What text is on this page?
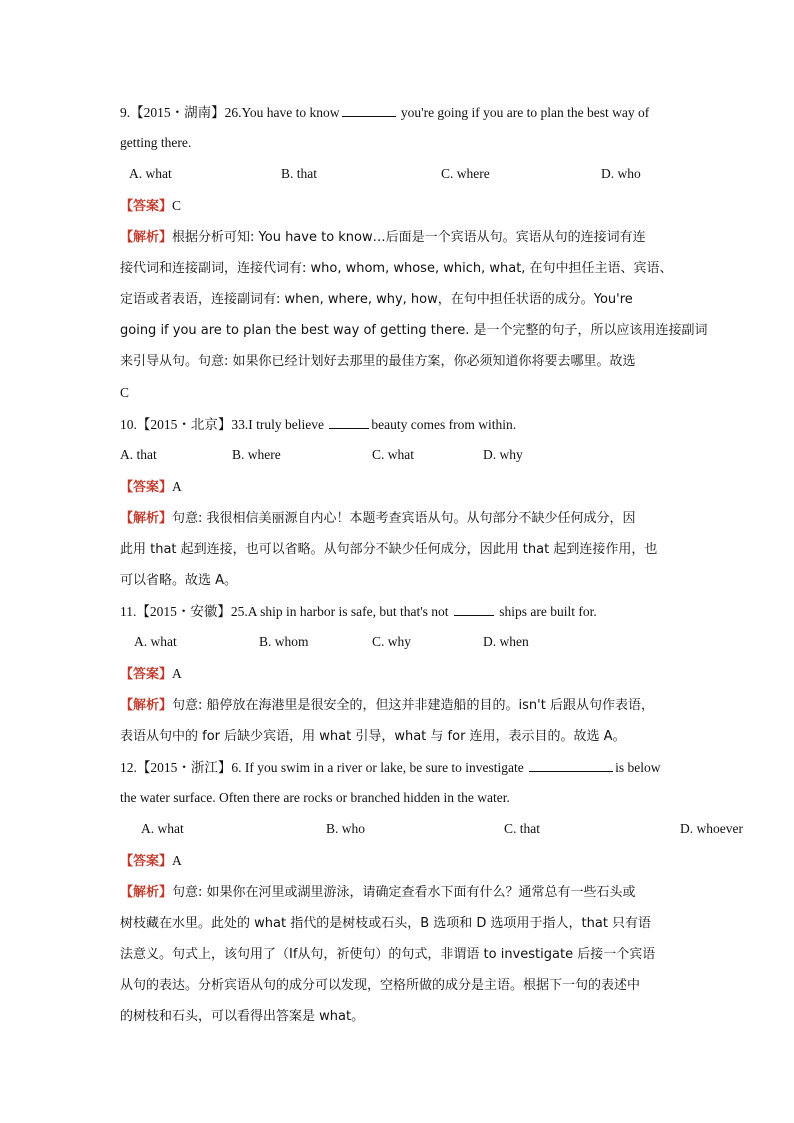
9.【2015・湖南】26.You have to know	you're going if you are to plan the best way of
getting there.
A. what	B. that	C. where	D. who
【答案】C
【解析】根据分析可知: You have to know…后面是一个宾语从句。宾语从句的连接词有连
接代词和连接副词，连接代词有: who, whom, whose, which, what, 在句中担任主语、宾语、
定语或者表语，连接副词有: when, where, why, how，在句中担任状语的成分。You're
going if you are to plan the best way of getting there. 是一个完整的句子，所以应该用连接副词
来引导从句。句意: 如果你已经计划好去那里的最佳方案，你必须知道你将要去哪里。故选
C
10.【2015・北京】33.I truly believe	beauty comes from within.
A. that	B. where	C. what	D. why
【答案】A
【解析】句意: 我很相信美丽源自内心！本题考查宾语从句。从句部分不缺少任何成分，因
此用 that 起到连接，也可以省略。从句部分不缺少任何成分，因此用 that 起到连接作用，也
可以省略。故选 A。
11.【2015・安徽】25.A ship in harbor is safe, but that's not	ships are built for.
A. what	B. whom	C. why	D. when
【答案】A
【解析】句意: 船停放在海港里是很安全的，但这并非建造船的目的。isn't 后跟从句作表语，
表语从句中的 for 后缺少宾语，用 what 引导，what 与 for 连用，表示目的。故选 A。
12.【2015・浙江】6. If you swim in a river or lake, be sure to investigate	is below
the water surface. Often there are rocks or branched hidden in the water.
A. what	B. who	C. that	D. whoever
【答案】A
【解析】句意: 如果你在河里或湖里游泳，请确定查看水下面有什么？通常总有一些石头或
树枝藏在水里。此处的 what 指代的是树枝或石头，B 选项和 D 选项用于指人，that 只有语
法意义。句式上，该句用了（If从句，祈使句）的句式，非谓语 to investigate 后接一个宾语
从句的表达。分析宾语从句的成分可以发现，空格所做的成分是主语。根据下一句的表述中
的树枝和石头，可以看得出答案是 what。
